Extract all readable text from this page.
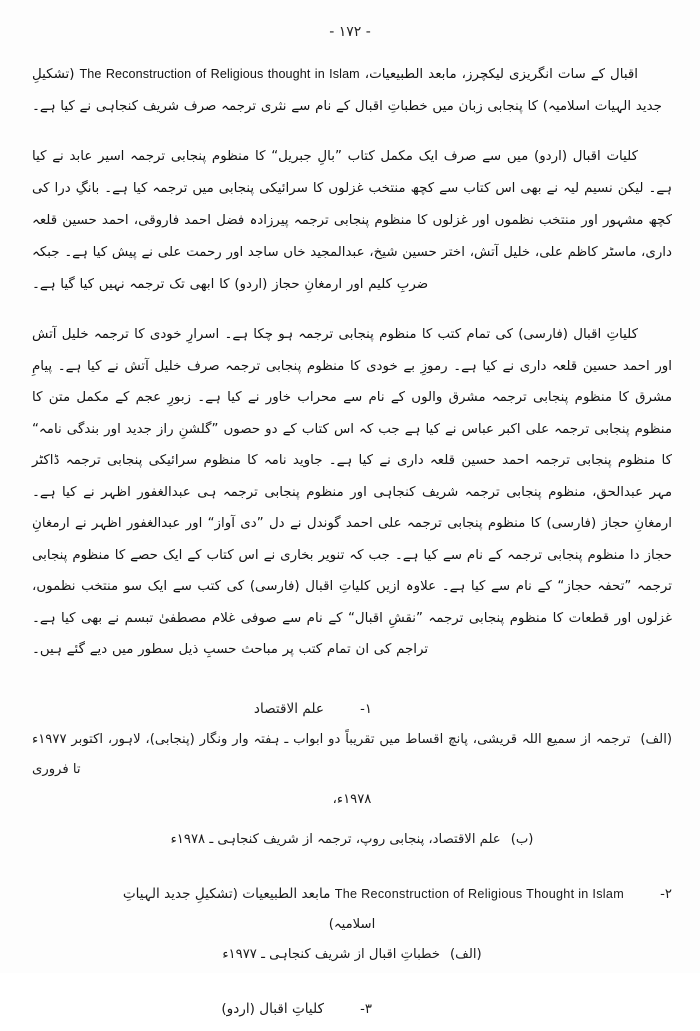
- ۱۷۲ -

اقبال کے سات انگریزی لیکچرز، مابعد الطبیعیات، The Reconstruction of Religious thought in Islam (تشکیلِ جدید الہیات اسلامیہ) کا پنجابی زبان میں خطباتِ اقبال کے نام سے نثری ترجمہ صرف شریف کنجاہی نے کیا ہے۔

کلیات اقبال (اردو) میں سے صرف ایک مکمل کتاب ”بالِ جبریل“ کا منظوم پنجابی ترجمہ اسیر عابد نے کیا ہے۔ لیکن نسیم لیہ نے بھی اس کتاب سے کچھ منتخب غزلوں کا سرائیکی پنجابی میں ترجمہ کیا ہے۔ بانگِ درا کی کچھ مشہور اور منتخب نظموں اور غزلوں کا منظوم پنجابی ترجمہ پیرزادہ فضل احمد فاروقی، احمد حسین قلعہ داری، ماسٹر کاظم علی، خلیل آتش، اختر حسین شیخ، عبدالمجید خاں ساجد اور رحمت علی نے پیش کیا ہے۔ جبکہ ضربِ کلیم اور ارمغانِ حجاز (اردو) کا ابھی تک ترجمہ نہیں کیا گیا ہے۔

کلیاتِ اقبال (فارسی) کی تمام کتب کا منظوم پنجابی ترجمہ ہو چکا ہے۔ اسرارِ خودی کا ترجمہ خلیل آتش اور احمد حسین قلعہ داری نے کیا ہے۔ رموزِ بے خودی کا منظوم پنجابی ترجمہ صرف خلیل آتش نے کیا ہے۔ پیامِ مشرق کا منظوم پنجابی ترجمہ مشرق والوں کے نام سے محراب خاور نے کیا ہے۔ زبورِ عجم کے مکمل متن کا منظوم پنجابی ترجمہ علی اکبر عباس نے کیا ہے جب کہ اس کتاب کے دو حصوں ”گلشنِ راز جدید اور بندگی نامہ“ کا منظوم پنجابی ترجمہ احمد حسین قلعہ داری نے کیا ہے۔ جاوید نامہ کا منظوم سرائیکی پنجابی ترجمہ ڈاکٹر مہر عبدالحق، منظوم پنجابی ترجمہ شریف کنجاہی اور منظوم پنجابی ترجمہ ہی عبدالغفور اظہر نے کیا ہے۔ ارمغانِ حجاز (فارسی) کا منظوم پنجابی ترجمہ علی احمد گوندل نے دل ”دی آواز“ اور عبدالغفور اظہر نے ارمغانِ حجاز دا منظوم پنجابی ترجمہ کے نام سے کیا ہے۔ جب کہ تنویر بخاری نے اس کتاب کے ایک حصے کا منظوم پنجابی ترجمہ ”تحفہ حجاز“ کے نام سے کیا ہے۔ علاوہ ازیں کلیاتِ اقبال (فارسی) کی کتب سے ایک سو منتخب نظموں، غزلوں اور قطعات کا منظوم پنجابی ترجمہ ”نقشِ اقبال“ کے نام سے صوفی غلام مصطفیٰ تبسم نے بھی کیا ہے۔ تراجم کی ان تمام کتب پر مباحث حسبِ ذیل سطور میں دیے گئے ہیں۔

۱-
علم الاقتصاد
(الف)ترجمہ از سمیع اللہ قریشی، پانچ اقساط میں تقریباً دو ابواب ـ ہفتہ وار ونگار (پنجابی)، لاہور، اکتوبر ۱۹۷۷ء تا فروری
۱۹۷۸ء،
(ب)علم الاقتصاد، پنجابی روپ، ترجمہ از شریف کنجاہی ـ ۱۹۷۸ء
۲-
The Reconstruction of Religious Thought in Islam مابعد الطبیعیات (تشکیلِ جدید الہیاتِ
اسلامیہ)
(الف)خطباتِ اقبال از شریف کنجاہی ـ ۱۹۷۷ء
۳-
کلیاتِ اقبال (اردو)
